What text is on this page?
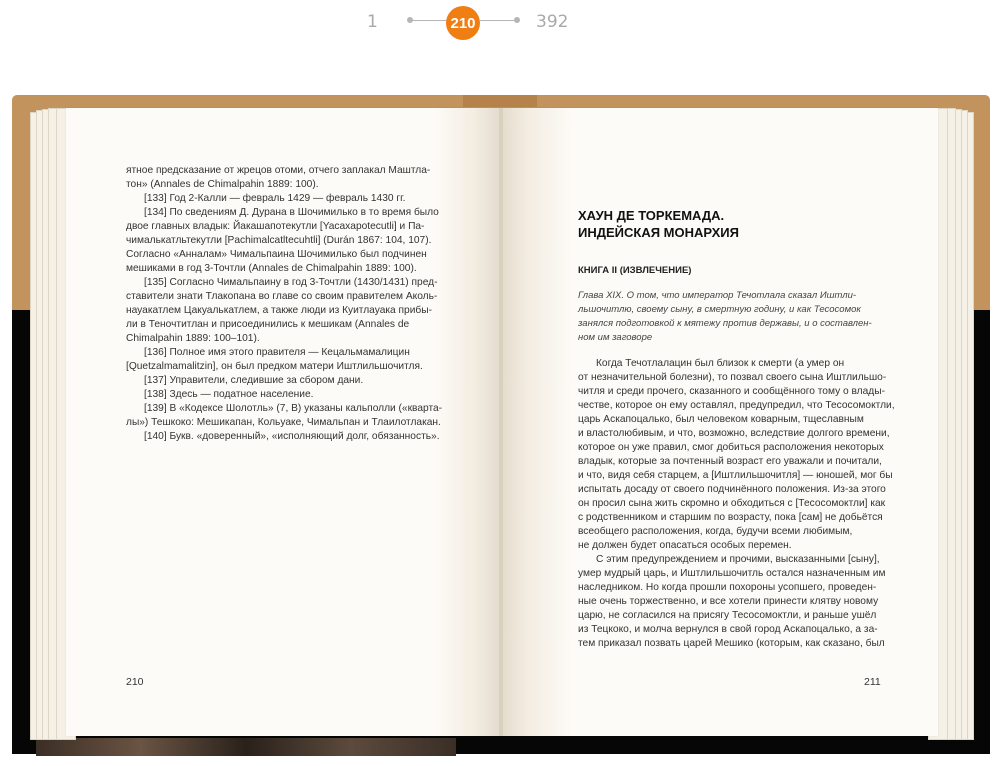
1	210	392
ятное предсказание от жрецов отоми, отчего заплакал Маштла-
тон» (Annales de Chimalpahin 1889: 100).
[133] Год 2-Калли — февраль 1429 — февраль 1430 гг.
[134] По сведениям Д. Дурана в Шочимилько в то время было
двое главных владык: Йакашапотекутли [Yacaxapotecutli] и Па-
чималькатльтекутли [Pachimalcatltecuhtli] (Durán 1867: 104, 107).
Согласно «Анналам» Чимальпаина Шочимилько был подчинен
мешиками в год 3-Точтли (Annales de Chimalpahin 1889: 100).
[135] Согласно Чимальпаину в год 3-Точтли (1430/1431) пред-
ставители знати Тлакопана во главе со своим правителем Аколь-
науакатлем Цакуалькатлем, а также люди из Куитлауака прибы-
ли в Теночтитлан и присоединились к мешикам (Annales de
Chimalpahin 1889: 100–101).
[136] Полное имя этого правителя — Кецальмамалицин
[Quetzalmamalitzin], он был предком матери Иштлильшочитля.
[137] Управители, следившие за сбором дани.
[138] Здесь — податное население.
[139] В «Кодексе Шолотль» (7, В) указаны кальполли («кварта-
лы») Тешкоко: Мешикапан, Кольуаке, Чимальпан и Тлаилотлакан.
[140] Букв. «доверенный», «исполняющий долг, обязанность».
210
ХАУН ДЕ ТОРКЕМАДА.
ИНДЕЙСКАЯ МОНАРХИЯ
КНИГА II (ИЗВЛЕЧЕНИЕ)
Глава XIX. О том, что император Течотлала сказал Иштли-
льшочитлю, своему сыну, в смертную годину, и как Тесосомок
занялся подготовкой к мятежу против державы, и о составлен-
ном им заговоре
Когда Течотлалацин был близок к смерти (а умер он
от незначительной болезни), то позвал своего сына Иштлильшо-
читля и среди прочего, сказанного и сообщённого тому о влады-
честве, которое он ему оставлял, предупредил, что Тесосомоктли,
царь Аскапоцалько, был человеком коварным, тщеславным
и властолюбивым, и что, возможно, вследствие долгого времени,
которое он уже правил, смог добиться расположения некоторых
владык, которые за почтенный возраст его уважали и почитали,
и что, видя себя старцем, а [Иштлильшочитля] — юношей, мог бы
испытать досаду от своего подчинённого положения. Из-за этого
он просил сына жить скромно и обходиться с [Тесосомоктли] как
с родственником и старшим по возрасту, пока [сам] не добьётся
всеобщего расположения, когда, будучи всеми любимым,
не должен будет опасаться особых перемен.
С этим предупреждением и прочими, высказанными [сыну],
умер мудрый царь, и Иштлильшочитль остался назначенным им
наследником. Но когда прошли похороны усопшего, проведен-
ные очень торжественно, и все хотели принести клятву новому
царю, не согласился на присягу Тесосомоктли, и раньше ушёл
из Тецкоко, и молча вернулся в свой город Аскапоцалько, а за-
тем приказал позвать царей Мешико (которым, как сказано, был
211
